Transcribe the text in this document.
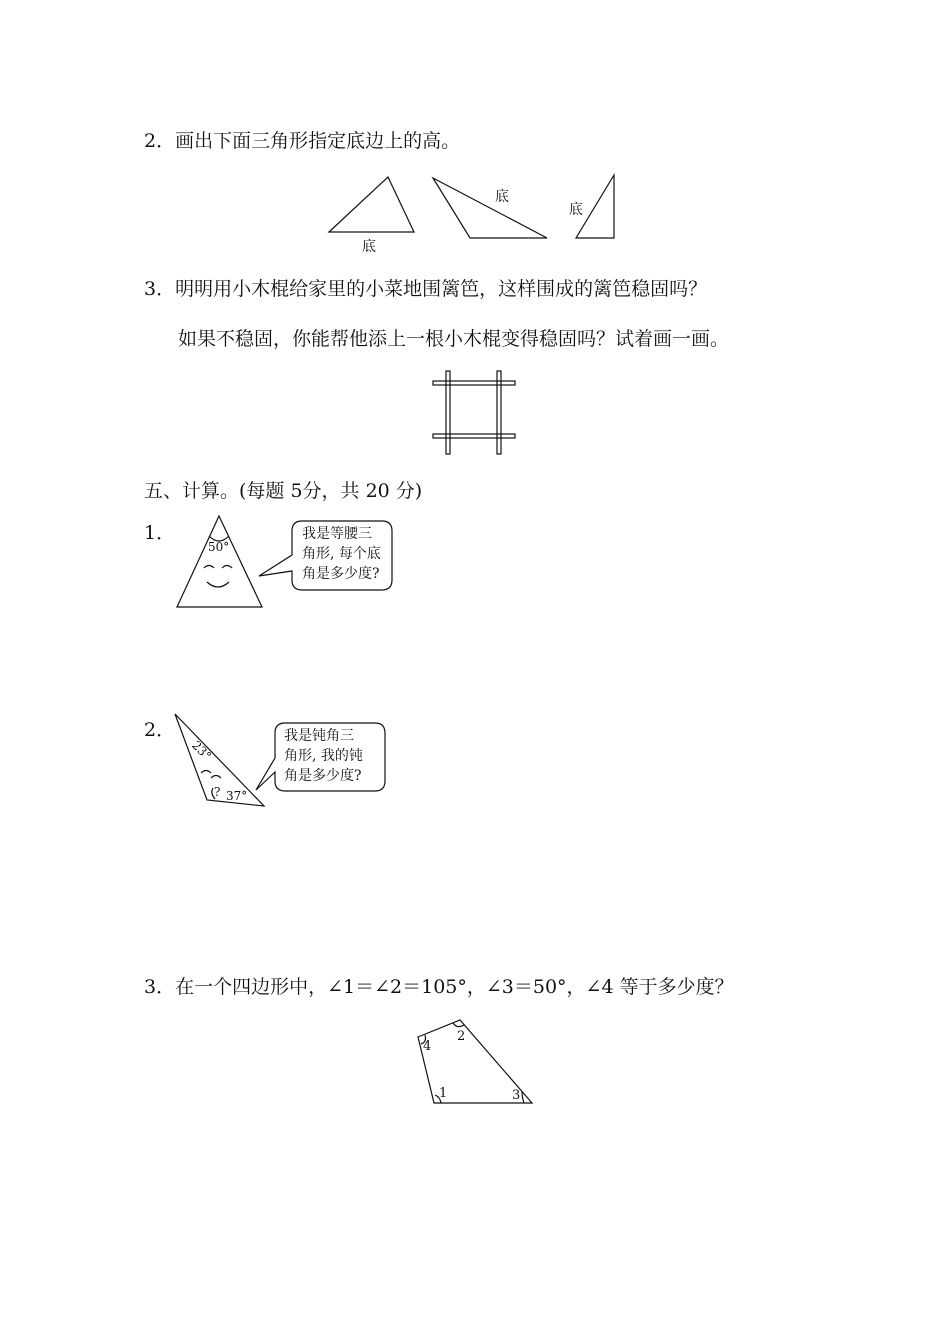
2．画出下面三角形指定底边上的高。
3．明明用小木棍给家里的小菜地围篱笆，这样围成的篱笆稳固吗？
如果不稳固，你能帮他添上一根小木棍变得稳固吗？试着画一画。
五、计算。(每题 5分，共 20 分)
1．
2．
3．在一个四边形中，∠1＝∠2＝105°，∠3＝50°，∠4 等于多少度？
底
底
底
50°
23°
? 37°
1
2
3
4
我是等腰三
角形, 每个底
角是多少度?
我是钝角三
角形, 我的钝
角是多少度?
